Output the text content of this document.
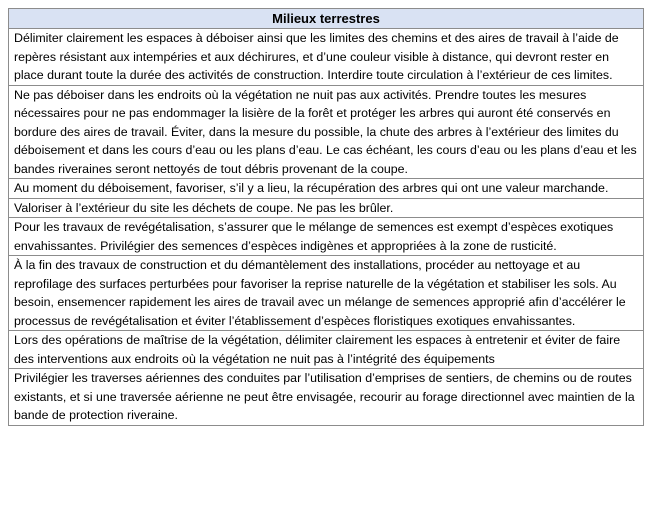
Milieux terrestres
Délimiter clairement les espaces à déboiser ainsi que les limites des chemins et des aires de travail à l’aide de repères résistant aux intempéries et aux déchirures, et d’une couleur visible à distance, qui devront rester en place durant toute la durée des activités de construction. Interdire toute circulation à l’extérieur de ces limites.
Ne pas déboiser dans les endroits où la végétation ne nuit pas aux activités. Prendre toutes les mesures nécessaires pour ne pas endommager la lisière de la forêt et protéger les arbres qui auront été conservés en bordure des aires de travail. Éviter, dans la mesure du possible, la chute des arbres à l’extérieur des limites du déboisement et dans les cours d’eau ou les plans d’eau. Le cas échéant, les cours d’eau ou les plans d’eau et les bandes riveraines seront nettoyés de tout débris provenant de la coupe.
Au moment du déboisement, favoriser, s’il y a lieu, la récupération des arbres qui ont une valeur marchande.
Valoriser à l’extérieur du site les déchets de coupe. Ne pas les brûler.
Pour les travaux de revégétalisation, s’assurer que le mélange de semences est exempt d’espèces exotiques envahissantes. Privilégier des semences d’espèces indigènes et appropriées à la zone de rusticité.
À la fin des travaux de construction et du démantèlement des installations, procéder au nettoyage et au reprofilage des surfaces perturbées pour favoriser la reprise naturelle de la végétation et stabiliser les sols. Au besoin, ensemencer rapidement les aires de travail avec un mélange de semences approprié afin d’accélérer le processus de revégétalisation et éviter l’établissement d’espèces floristiques exotiques envahissantes.
Lors des opérations de maîtrise de la végétation, délimiter clairement les espaces à entretenir et éviter de faire des interventions aux endroits où la végétation ne nuit pas à l’intégrité des équipements
Privilégier les traverses aériennes des conduites par l’utilisation d’emprises de sentiers, de chemins ou de routes existants, et si une traversée aérienne ne peut être envisagée, recourir au forage directionnel avec maintien de la bande de protection riveraine.
